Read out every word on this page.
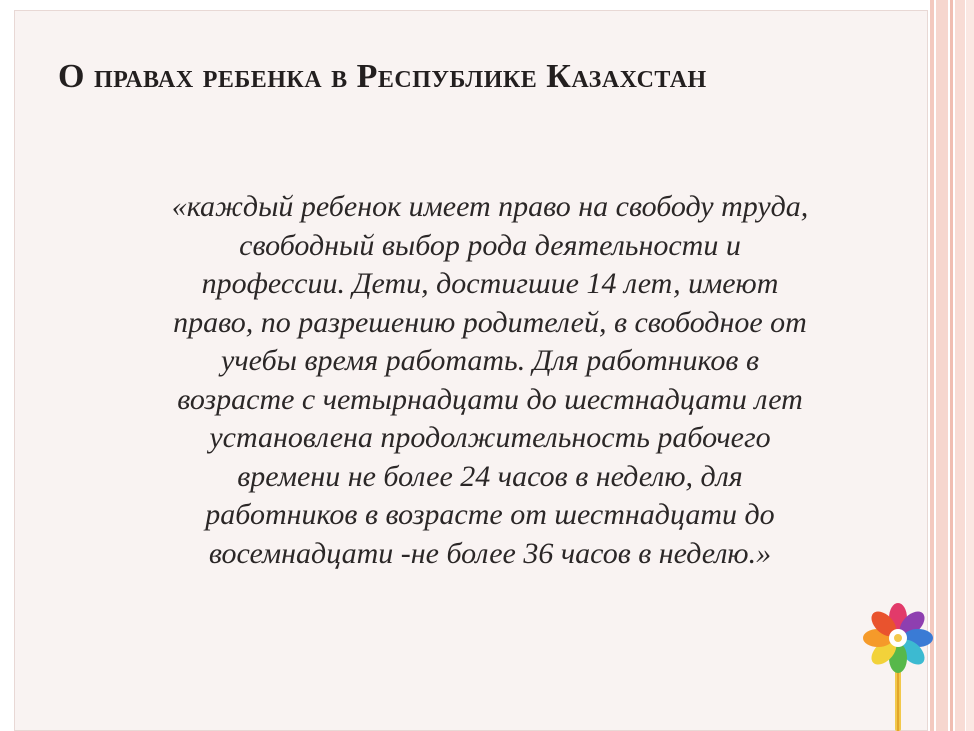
О правах ребенка в Республике Казахстан

«каждый ребенок имеет право на свободу труда,
свободный выбор рода деятельности и
профессии. Дети, достигшие 14 лет, имеют
право, по разрешению родителей, в свободное от
учебы время работать. Для работников в
возрасте с четырнадцати до шестнадцати лет
установлена продолжительность рабочего
времени не более 24 часов в неделю, для
работников в возрасте от шестнадцати до
восемнадцати -не более 36 часов в неделю.»
